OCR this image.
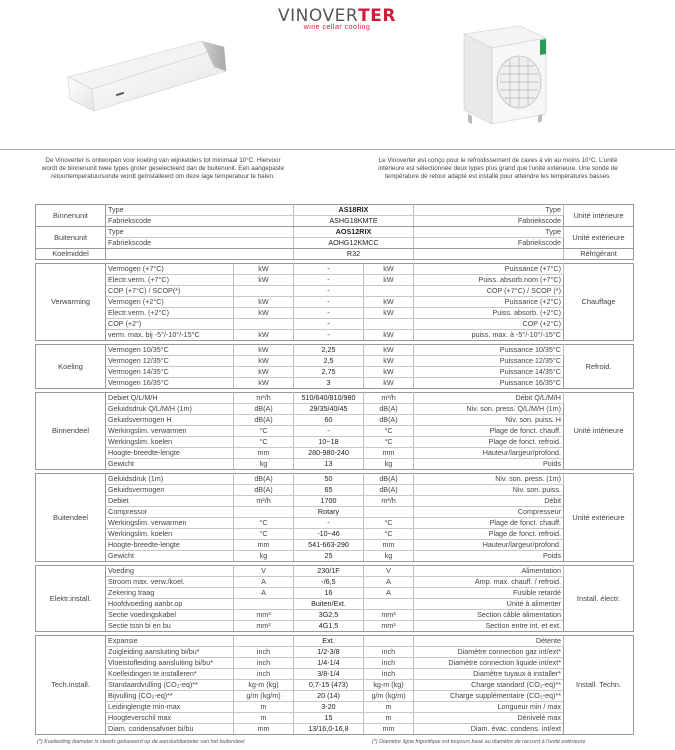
VINOVERTER
wine cellar cooling
De Vinoverter is ontworpen voor koeling van wijnkelders tot minimaal 10°C. Hiervoor wordt de binnenunit twee types groter geselecteerd dan de buitenunit. Een aangepaste retourtemperatuursonde wordt geïnstalleerd om deze lage temperatuur te halen.
Le Vinoverter est conçu pour le refroidissement de caves à vin au moins 10°C. L'unité intérieure est sélectionnée deux types plus grand que l'unité extérieure. Une sonde de température de retour adapté est installé pour atteindre les températures basses.
Binnenunit	Type		AS18RIX		Type	Unité intérieure
	Fabriekscode		ASHG18KMTE		Fabriekscode	
Buitenunit	Type		AOS12RIX		Type	Unité extérieure
	Fabriekscode		AOHG12KMCC		Fabriekscode	
Koelmiddel			R32			Réfrigérant

Verwarming	Vermogen (+7°C)	kW	-	kW	Puissance (+7°C)	Chauffage
	Electr.verm. (+7°C)	kW	-	kW	Puiss. absorb.nom (+7°C)	
	COP (+7°C) / SCOP(*)		-		COP (+7°C) / SCOP (*)	
	Vermogen (+2°C)	kW	-	kW	Puissance (+2°C)	
	Electr.verm. (+2°C)	kW	-	kW	Puiss. absorb. (+2°C)	
	COP (+2°)		-		COP (+2°C)	
	verm. max. bij -5°/-10°/-15°C	kW	-	kW	puiss. max. à -5°/-10°/-15°C	

Koeling	Vermogen 10/35°C	kW	2,25	kW	Puissance 10/35°C	Refroid.
	Vermogen 12/35°C	kW	2,5	kW	Puissance 12/35°C	
	Vermogen 14/35°C	kW	2,75	kW	Puissance 14/35°C	
	Vermogen 16/35°C	kW	3	kW	Puissance 16/35°C	

Binnendeel	Debiet Q/L/M/H	m³/h	510/640/810/980	m³/h	Débit Q/L/M/H	Unité intérieure
	Geluidsdruk Q/L/M/H (1m)	dB(A)	29/35/40/45	dB(A)	Niv. son. press. Q/L/M/H (1m)	
	Geluidsvermogen H	dB(A)	60	dB(A)	Niv. son. puiss. H	
	Werkingslim. verwarmen	°C	-	°C	Plage de fonct. chauff.	
	Werkingslim. koelen	°C	10~18	°C	Plage de fonct. refroid.	
	Hoogte-breedte-lengte	mm	280-980-240	mm	Hauteur/largeur/profond.	
	Gewicht	kg	13	kg	Poids	

Buitendeel	Geluidsdruk (1m)	dB(A)	50	dB(A)	Niv. son. press. (1m)	Unité extérieure
	Geluidsvermogen	dB(A)	65	dB(A)	Niv. son. puiss.	
	Debiet	m³/h	1700	m³/h	Débit	
	Compressor		Rotary		Compresseur	
	Werkingslim. verwarmen	°C	-	°C	Plage de fonct. chauff.	
	Werkingslim. koelen	°C	-10~46	°C	Plage de fonct. refroid.	
	Hoogte-breedte-lengte	mm	541-663-290	mm	Hauteur/largeur/profond.	
	Gewicht	kg	25	kg	Poids	

Elektr.install.	Voeding	V	230/1F	V	Alimentation	Install. électr.
	Stroom max. verw./koel.	A	-/6,5	A	Amp. max. chauff. / refroid.	
	Zekering traag	A	16	A	Fusible retardé	
	Hoofdvoeding aanbr.op		Buiten/Ext.		Unité à alimenter	
	Sectie voedingskabel	mm²	3G2,5	mm²	Section câble alimentation	
	Sectie tssn bi en bu	mm²	4G1,5	mm²	Section entre int. et ext.	

Tech.install.	Expansie		Ext.		Détente	Install. Techn.
	Zuigleiding aansluiting bi/bu*	inch	1/2-3/8	inch	Diamètre connection gaz int/ext*	
	Vloeistofleiding aansluiting bi/bu*	inch	1/4-1/4	inch	Diamètre connection liquide int/ext*	
	Koelleidingen te installeren*	inch	3/8-1/4	inch	Diamètre tuyaux à installer*	
	Standaardvulling (CO₂-eq)**	kg-m (kg)	0,7-15 (473)	kg-m (kg)	Charge standard (CO₂-eq)**	
	Bijvulling (CO₂-eq)**	g/m (kg/m)	20 (14)	g/m (kg/m)	Charge supplémentaire (CO₂-eq)**	
	Leidinglengte min-max	m	3-20	m	Longueur min / max	
	Hoogteverschil max	m	15	m	Dénivelé max	
	Diam. condensafvoer bi/bu	mm	13/16,0-16,8	mm	Diam. évac. condens. int/ext	
(*) Koelleiding diameter is steeds gebaseerd op de aansluitdiameter van het buitendeel	(*) Diamètre ligne frigorifique est toujours basé au diamètre de raccord à l'unité extérieure
